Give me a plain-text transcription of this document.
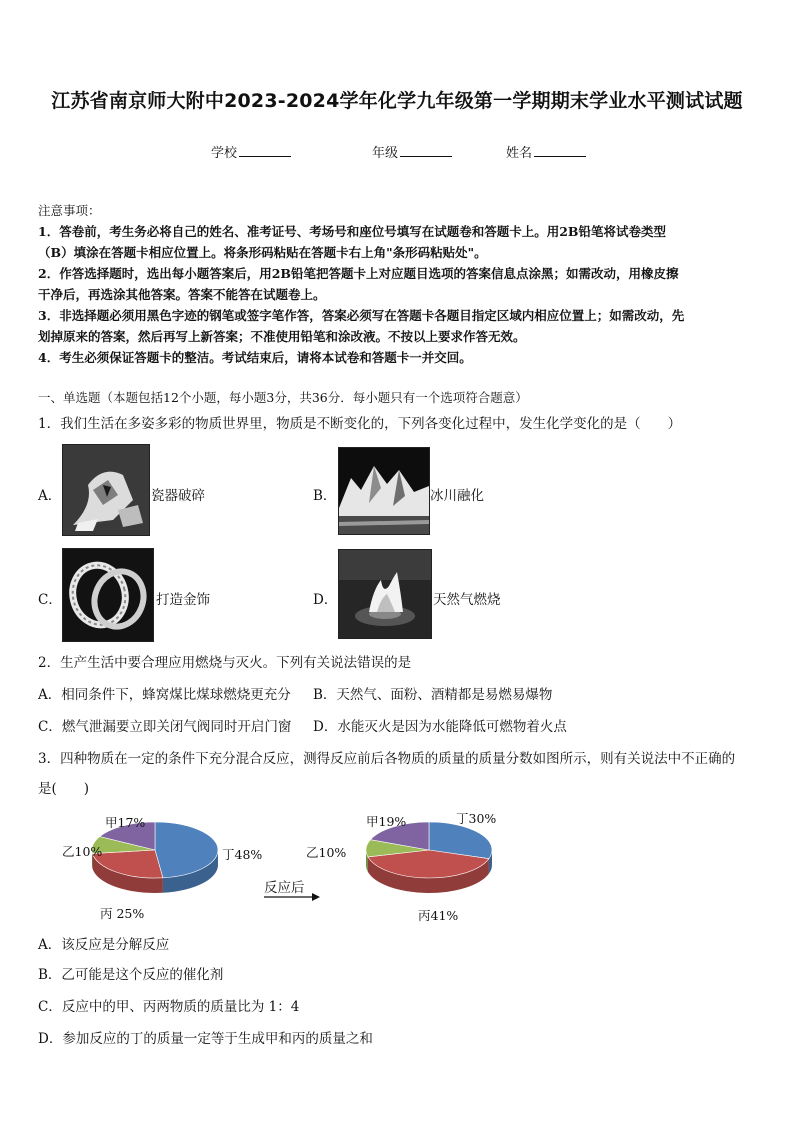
江苏省南京师大附中2023-2024学年化学九年级第一学期期末学业水平测试试题
学校	年级	姓名
注意事项：
1．答卷前，考生务必将自己的姓名、准考证号、考场号和座位号填写在试题卷和答题卡上。用2B铅笔将试卷类型
（B）填涂在答题卡相应位置上。将条形码粘贴在答题卡右上角"条形码粘贴处"。
2．作答选择题时，选出每小题答案后，用2B铅笔把答题卡上对应题目选项的答案信息点涂黑；如需改动，用橡皮擦
干净后，再选涂其他答案。答案不能答在试题卷上。
3．非选择题必须用黑色字迹的钢笔或签字笔作答，答案必须写在答题卡各题目指定区域内相应位置上；如需改动，先
划掉原来的答案，然后再写上新答案；不准使用铅笔和涂改液。不按以上要求作答无效。
4．考生必须保证答题卡的整洁。考试结束后，请将本试卷和答题卡一并交回。
一、单选题（本题包括12个小题，每小题3分，共36分．每小题只有一个选项符合题意）
1．我们生活在多姿多彩的物质世界里，物质是不断变化的，下列各变化过程中，发生化学变化的是（　　）
A．	瓷器破碎	B．	冰川融化
C．	打造金饰	D．	天然气燃烧
2．生产生活中要合理应用燃烧与灭火。下列有关说法错误的是
A．相同条件下，蜂窝煤比煤球燃烧更充分 B．天然气、面粉、酒精都是易燃易爆物
C．燃气泄漏要立即关闭气阀同时开启门窗 D．水能灭火是因为水能降低可燃物着火点
3．四种物质在一定的条件下充分混合反应，测得反应前后各物质的质量的质量分数如图所示，则有关说法中不正确的
是(　　)
甲17%
乙10%
丙 25%
丁48%
反应后
甲19%
乙10%
丙41%
丁30%
A．该反应是分解反应
B．乙可能是这个反应的催化剂
C．反应中的甲、丙两物质的质量比为 1：4
D．参加反应的丁的质量一定等于生成甲和丙的质量之和
